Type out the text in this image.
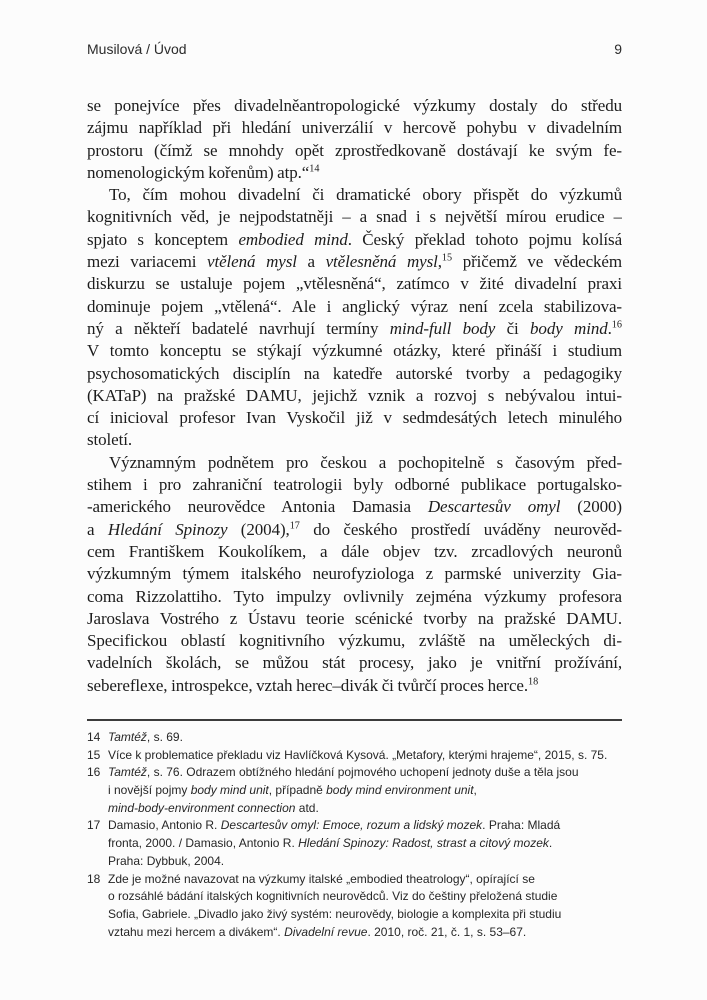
Musilová / Úvod	9
se ponejvíce přes divadelněantropologické výzkumy dostaly do středu
zájmu například při hledání univerzálií v hercově pohybu v divadelním
prostoru (čímž se mnohdy opět zprostředkovaně dostávají ke svým fe-
nomenologickým kořenům) atp.“$^{14}$
To, čím mohou divadelní či dramatické obory přispět do výzkumů
kognitivních věd, je nejpodstatněji – a snad i s největší mírou erudice –
spjato s konceptem embodied mind. Český překlad tohoto pojmu kolísá
mezi variacemi vtělená mysl a vtělesněná mysl,$^{15}$ přičemž ve vědeckém
diskurzu se ustaluje pojem „vtělesněná“, zatímco v žité divadelní praxi
dominuje pojem „vtělená“. Ale i anglický výraz není zcela stabilizova-
ný a někteří badatelé navrhují termíny mind-full body či body mind.$^{16}$
V tomto konceptu se stýkají výzkumné otázky, které přináší i studium
psychosomatických disciplín na katedře autorské tvorby a pedagogiky
(KATaP) na pražské DAMU, jejichž vznik a rozvoj s nebývalou intui-
cí inicioval profesor Ivan Vyskočil již v sedmdesátých letech minulého
století.
Významným podnětem pro českou a pochopitelně s časovým před-
stihem i pro zahraniční teatrologii byly odborné publikace portugalsko-
-amerického neurovědce Antonia Damasia Descartesův omyl (2000)
a Hledání Spinozy (2004),$^{17}$ do českého prostředí uváděny neurověd-
cem Františkem Koukolíkem, a dále objev tzv. zrcadlových neuronů
výzkumným týmem italského neurofyziologa z parmské univerzity Gia-
coma Rizzolattiho. Tyto impulzy ovlivnily zejména výzkumy profesora
Jaroslava Vostrého z Ústavu teorie scénické tvorby na pražské DAMU.
Specifickou oblastí kognitivního výzkumu, zvláště na uměleckých di-
vadelních školách, se můžou stát procesy, jako je vnitřní prožívání,
sebereflexe, introspekce, vztah herec–divák či tvůrčí proces herce.$^{18}$
14 Tamtéž, s. 69.
15 Více k problematice překladu viz Havlíčková Kysová. „Metafory, kterými hrajeme“, 2015, s. 75.
16 Tamtéž, s. 76. Odrazem obtížného hledání pojmového uchopení jednoty duše a těla jsou
i novější pojmy body mind unit, případně body mind environment unit,
mind-body-environment connection atd.
17 Damasio, Antonio R. Descartesův omyl: Emoce, rozum a lidský mozek. Praha: Mladá
fronta, 2000. / Damasio, Antonio R. Hledání Spinozy: Radost, strast a citový mozek.
Praha: Dybbuk, 2004.
18 Zde je možné navazovat na výzkumy italské „embodied theatrology“, opírající se
o rozsáhlé bádání italských kognitivních neurovědců. Viz do češtiny přeložená studie
Sofia, Gabriele. „Divadlo jako živý systém: neurovědy, biologie a komplexita při studiu
vztahu mezi hercem a divákem“. Divadelní revue. 2010, roč. 21, č. 1, s. 53–67.
